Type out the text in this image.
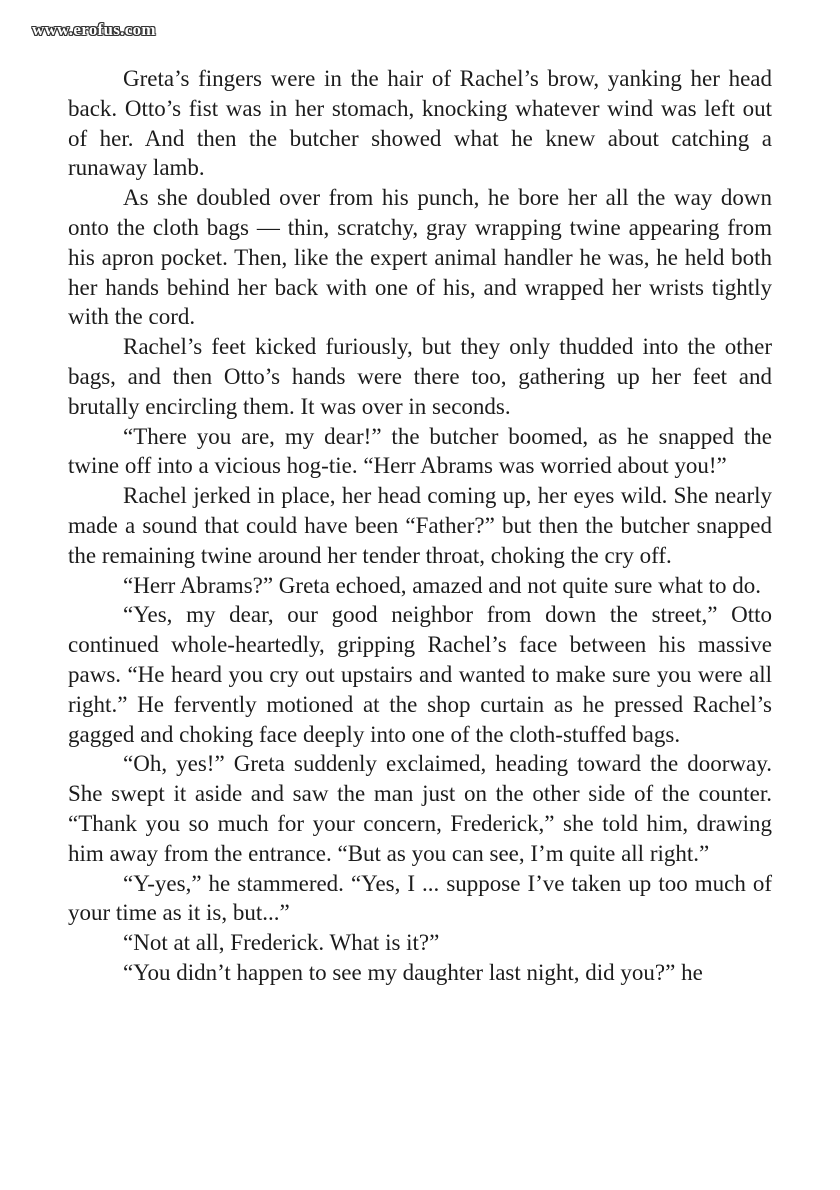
www.erofus.com

Greta’s fingers were in the hair of Rachel’s brow, yanking her head back. Otto’s fist was in her stomach, knocking whatever wind was left out of her. And then the butcher showed what he knew about catching a runaway lamb.

As she doubled over from his punch, he bore her all the way down onto the cloth bags — thin, scratchy, gray wrapping twine appearing from his apron pocket. Then, like the expert animal handler he was, he held both her hands behind her back with one of his, and wrapped her wrists tightly with the cord.

Rachel’s feet kicked furiously, but they only thudded into the other bags, and then Otto’s hands were there too, gathering up her feet and brutally encircling them. It was over in seconds.

“There you are, my dear!” the butcher boomed, as he snapped the twine off into a vicious hog-tie. “Herr Abrams was worried about you!”

Rachel jerked in place, her head coming up, her eyes wild. She nearly made a sound that could have been “Father?” but then the butcher snapped the remaining twine around her tender throat, choking the cry off.

“Herr Abrams?” Greta echoed, amazed and not quite sure what to do.

“Yes, my dear, our good neighbor from down the street,” Otto continued whole-heartedly, gripping Rachel’s face between his massive paws. “He heard you cry out upstairs and wanted to make sure you were all right.” He fervently motioned at the shop curtain as he pressed Rachel’s gagged and choking face deeply into one of the cloth-stuffed bags.

“Oh, yes!” Greta suddenly exclaimed, heading toward the doorway. She swept it aside and saw the man just on the other side of the counter. “Thank you so much for your concern, Frederick,” she told him, drawing him away from the entrance. “But as you can see, I’m quite all right.”

“Y-yes,” he stammered. “Yes, I ... suppose I’ve taken up too much of your time as it is, but...”

“Not at all, Frederick. What is it?”

“You didn’t happen to see my daughter last night, did you?” he
